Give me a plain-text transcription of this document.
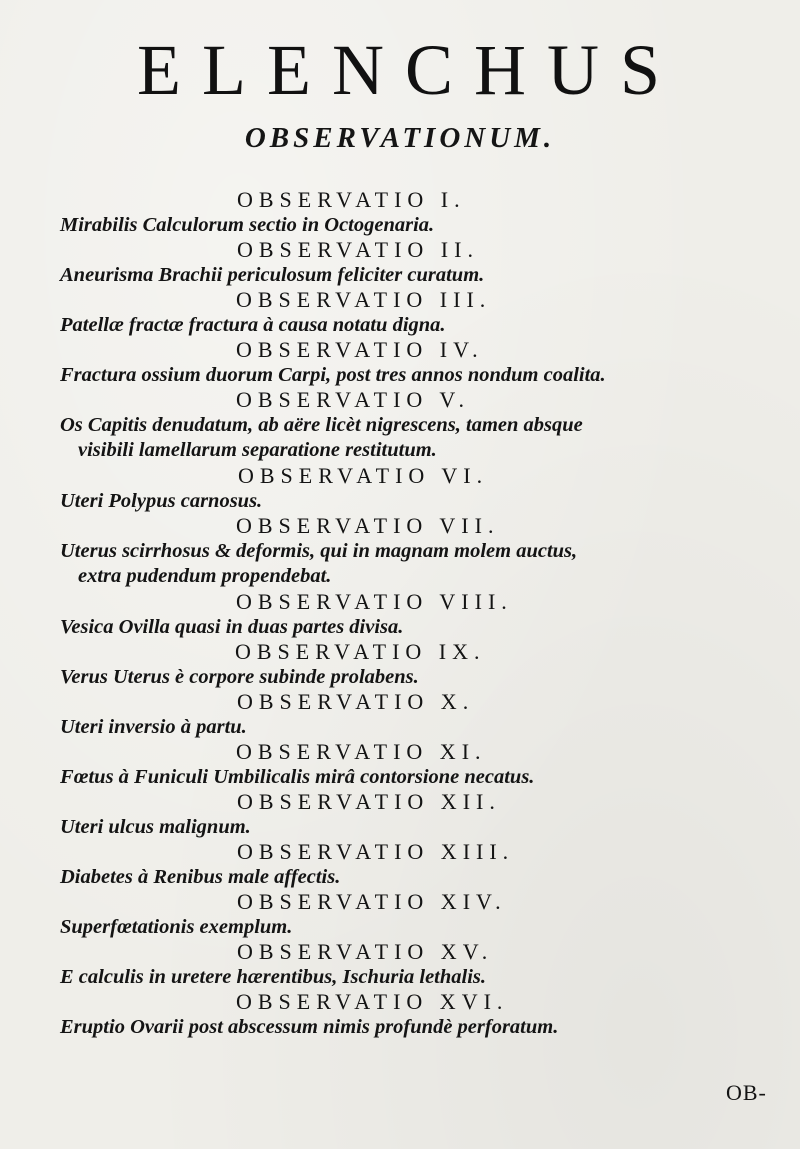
ELENCHUS
OBSERVATIONUM.
OBSERVATIO I.
Mirabilis Calculorum sectio in Octogenaria.
OBSERVATIO II.
Aneurisma Brachii periculosum feliciter curatum.
OBSERVATIO III.
Patellæ fractæ fractura à causa notatu digna.
OBSERVATIO IV.
Fractura ossium duorum Carpi, post tres annos nondum coalita.
OBSERVATIO V.
Os Capitis denudatum, ab aëre licèt nigrescens, tamen absque
visibili lamellarum separatione restitutum.
OBSERVATIO VI.
Uteri Polypus carnosus.
OBSERVATIO VII.
Uterus scirrhosus & deformis, qui in magnam molem auctus,
extra pudendum propendebat.
OBSERVATIO VIII.
Vesica Ovilla quasi in duas partes divisa.
OBSERVATIO IX.
Verus Uterus è corpore subinde prolabens.
OBSERVATIO X.
Uteri inversio à partu.
OBSERVATIO XI.
Fœtus à Funiculi Umbilicalis mirâ contorsione necatus.
OBSERVATIO XII.
Uteri ulcus malignum.
OBSERVATIO XIII.
Diabetes à Renibus male affectis.
OBSERVATIO XIV.
Superfœtationis exemplum.
OBSERVATIO XV.
E calculis in uretere hærentibus, Ischuria lethalis.
OBSERVATIO XVI.
Eruptio Ovarii post abscessum nimis profundè perforatum.
OB-
